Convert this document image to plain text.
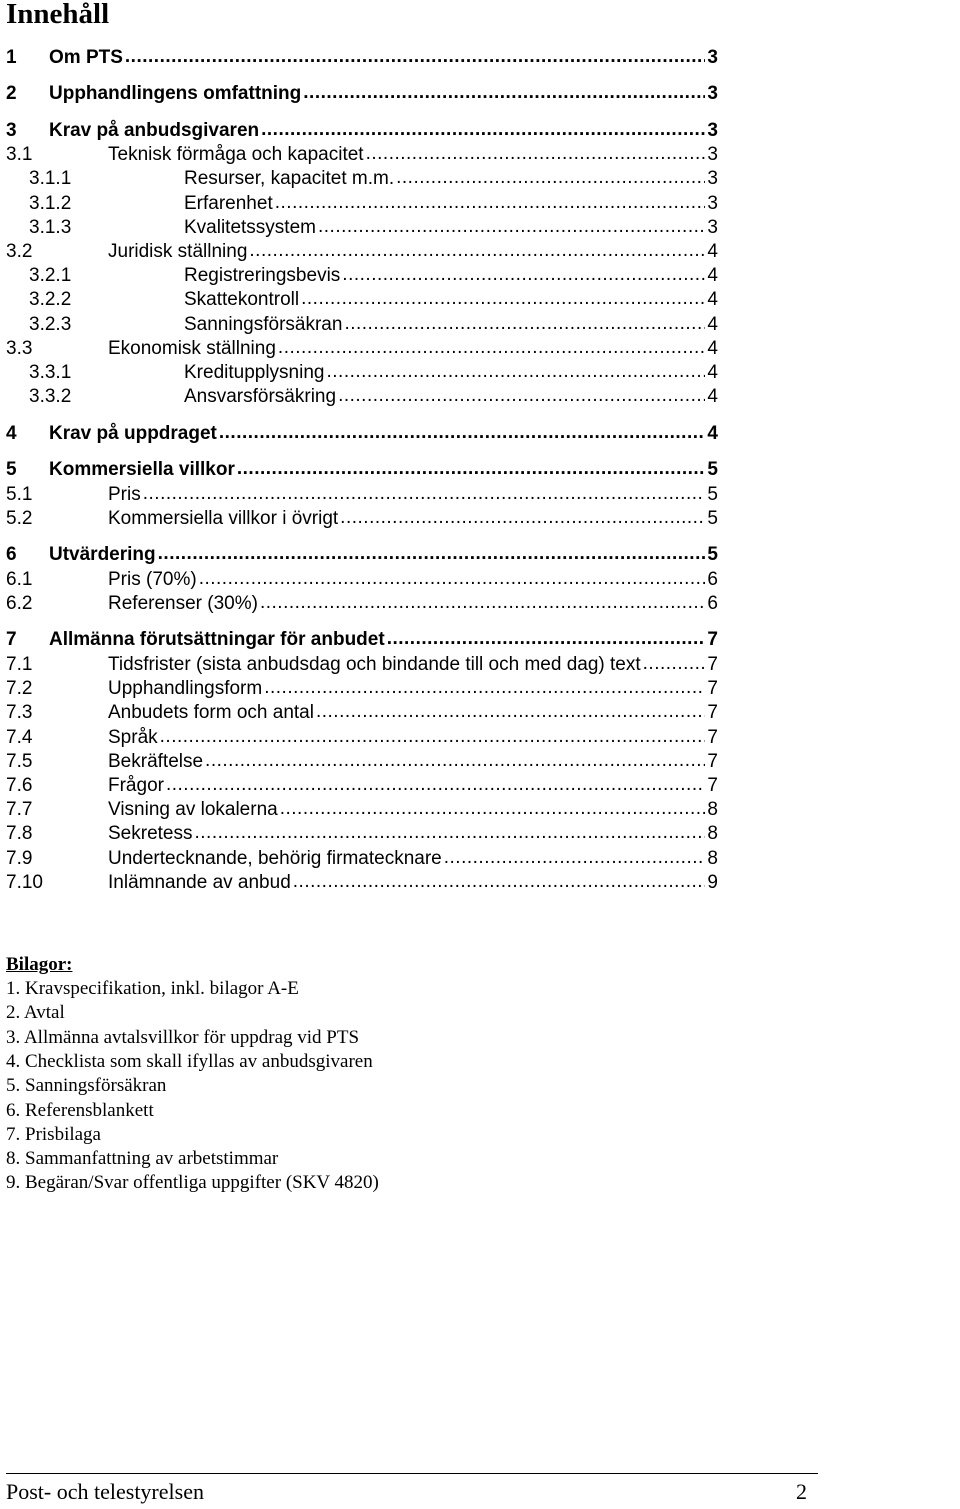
Innehåll
1 Om PTS .....	3
2 Upphandlingens omfattning .....	3
3 Krav på anbudsgivaren .....	3
3.1	Teknisk förmåga och kapacitet .....	3
3.1.1	Resurser, kapacitet m.m. .....	3
3.1.2	Erfarenhet .....	3
3.1.3	Kvalitetssystem .....	3
3.2	Juridisk ställning .....	4
3.2.1	Registreringsbevis .....	4
3.2.2	Skattekontroll .....	4
3.2.3	Sanningsförsäkran .....	4
3.3	Ekonomisk ställning .....	4
3.3.1	Kreditupplysning .....	4
3.3.2	Ansvarsförsäkring .....	4
4 Krav på uppdraget .....	4
5 Kommersiella villkor .....	5
5.1	Pris .....	5
5.2	Kommersiella villkor i övrigt .....	5
6 Utvärdering .....	5
6.1	Pris (70%) .....	6
6.2	Referenser (30%) .....	6
7 Allmänna förutsättningar för anbudet .....	7
7.1	Tidsfrister (sista anbudsdag och bindande till och med dag) text .....	7
7.2	Upphandlingsform .....	7
7.3	Anbudets form och antal .....	7
7.4	Språk .....	7
7.5	Bekräftelse .....	7
7.6	Frågor .....	7
7.7	Visning av lokalerna .....	8
7.8	Sekretess .....	8
7.9	Undertecknande, behörig firmatecknare .....	8
7.10	Inlämnande av anbud .....	9
Bilagor:
1. Kravspecifikation, inkl. bilagor A-E
2. Avtal
3. Allmänna avtalsvillkor för uppdrag vid PTS
4. Checklista som skall ifyllas av anbudsgivaren
5. Sanningsförsäkran
6. Referensblankett
7. Prisbilaga
8. Sammanfattning av arbetstimmar
9. Begäran/Svar offentliga uppgifter (SKV 4820)
Post- och telestyrelsen	2
